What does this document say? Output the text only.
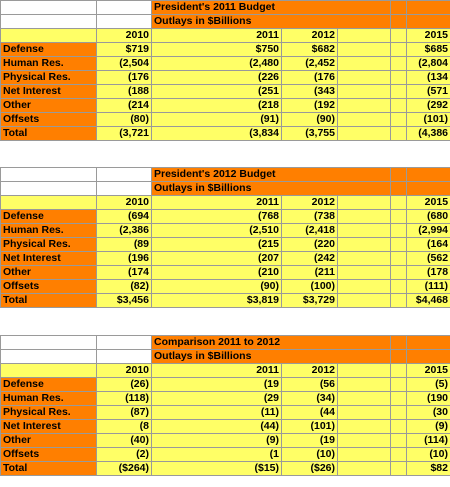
		President's 2011 Budget				
		Outlays in $Billions				
	2010	2011	2012			2015
Defense	$719	$750	$682			$685
Human Res.	(2,504	(2,480	(2,452			(2,804
Physical Res.	(176	(226	(176			(134
Net Interest	(188	(251	(343			(571
Other	(214	(218	(192			(292
Offsets	(80)	(91)	(90)			(101)
Total	(3,721	(3,834	(3,755			(4,386
		President's 2012 Budget				
		Outlays in $Billions				
	2010	2011	2012			2015
Defense	(694	(768	(738			(680
Human Res.	(2,386	(2,510	(2,418			(2,994
Physical Res.	(89	(215	(220			(164
Net Interest	(196	(207	(242			(562
Other	(174	(210	(211			(178
Offsets	(82)	(90)	(100)			(111)
Total	$3,456	$3,819	$3,729			$4,468
		Comparison 2011 to 2012				
		Outlays in $Billions				
	2010	2011	2012			2015
Defense	(26)	(19	(56			(5)
Human Res.	(118)	(29	(34)			(190
Physical Res.	(87)	(11)	(44			(30
Net Interest	(8	(44)	(101)			(9)
Other	(40)	(9)	(19			(114)
Offsets	(2)	(1	(10)			(10)
Total	($264)	($15)	($26)			$82
